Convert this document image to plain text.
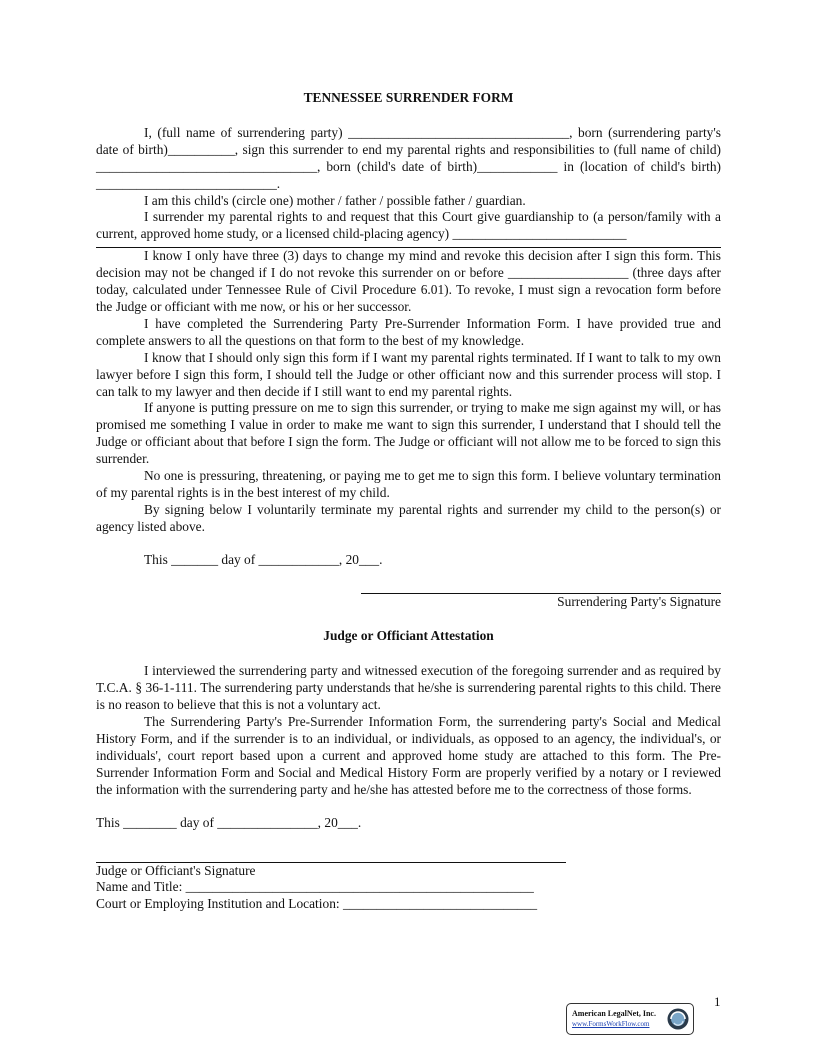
TENNESSEE SURRENDER FORM

I, (full name of surrendering party) _________________________________, born (surrendering party's date of birth)__________, sign this surrender to end my parental rights and responsibilities to (full name of child) _________________________________, born (child's date of birth)____________ in (location of child's birth) ___________________________.

I am this child's (circle one) mother / father / possible father / guardian.

I surrender my parental rights to and request that this Court give guardianship to (a person/family with a current, approved home study, or a licensed child-placing agency) __________________________

I know I only have three (3) days to change my mind and revoke this decision after I sign this form. This decision may not be changed if I do not revoke this surrender on or before __________________ (three days after today, calculated under Tennessee Rule of Civil Procedure 6.01). To revoke, I must sign a revocation form before the Judge or officiant with me now, or his or her successor.

I have completed the Surrendering Party Pre-Surrender Information Form. I have provided true and complete answers to all the questions on that form to the best of my knowledge.

I know that I should only sign this form if I want my parental rights terminated. If I want to talk to my own lawyer before I sign this form, I should tell the Judge or other officiant now and this surrender process will stop. I can talk to my lawyer and then decide if I still want to end my parental rights.

If anyone is putting pressure on me to sign this surrender, or trying to make me sign against my will, or has promised me something I value in order to make me want to sign this surrender, I understand that I should tell the Judge or officiant about that before I sign the form. The Judge or officiant will not allow me to be forced to sign this surrender.

No one is pressuring, threatening, or paying me to get me to sign this form. I believe voluntary termination of my parental rights is in the best interest of my child.

By signing below I voluntarily terminate my parental rights and surrender my child to the person(s) or agency listed above.

This _______ day of ____________, 20___.
Surrendering Party's Signature
Judge or Officiant Attestation

I interviewed the surrendering party and witnessed execution of the foregoing surrender and as required by T.C.A. § 36-1-111. The surrendering party understands that he/she is surrendering parental rights to this child. There is no reason to believe that this is not a voluntary act.

The Surrendering Party's Pre-Surrender Information Form, the surrendering party's Social and Medical History Form, and if the surrender is to an individual, or individuals, as opposed to an agency, the individual's, or individuals', court report based upon a current and approved home study are attached to this form. The Pre-Surrender Information Form and Social and Medical History Form are properly verified by a notary or I reviewed the information with the surrendering party and he/she has attested before me to the correctness of those forms.

This ________ day of _______________, 20___.
Judge or Officiant's Signature
Name and Title: ____________________________________________________
Court or Employing Institution and Location: _____________________________
1
American LegalNet, Inc.
www.FormsWorkFlow.com
